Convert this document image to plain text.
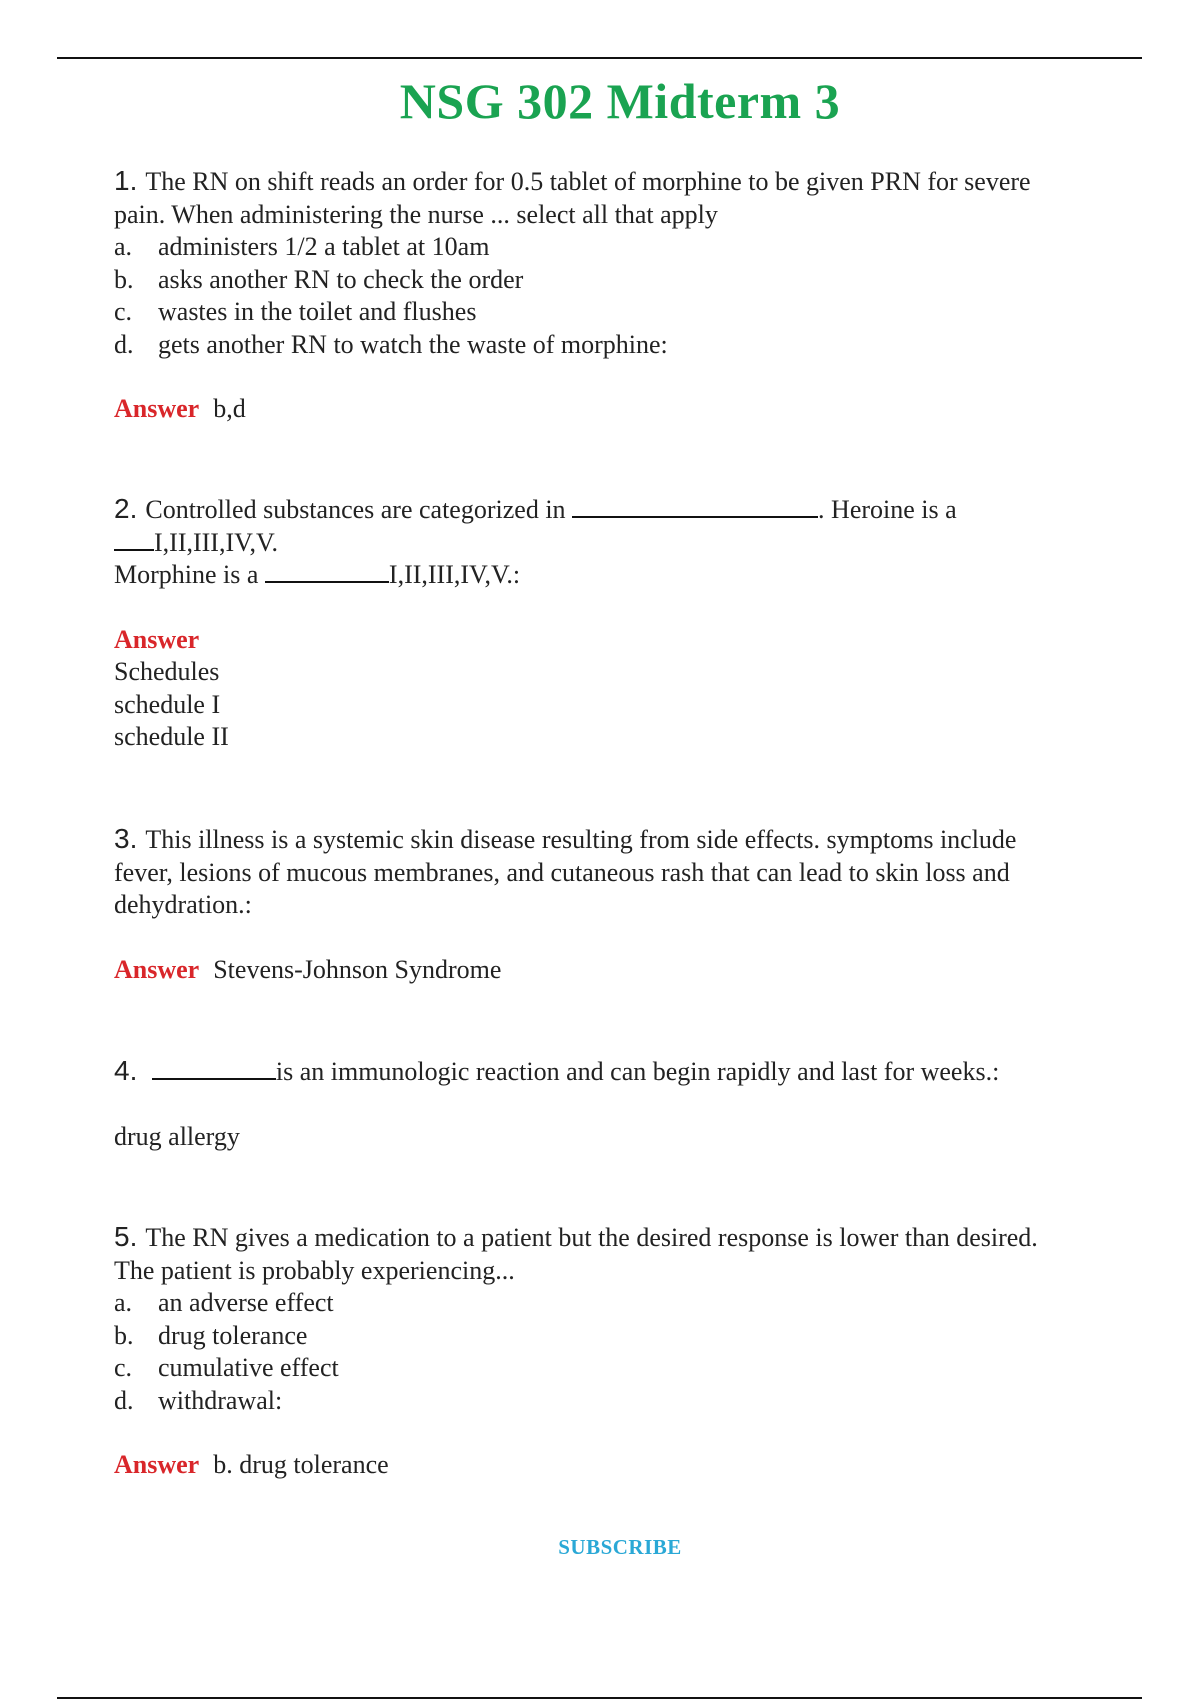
NSG 302 Midterm 3
1. The RN on shift reads an order for 0.5 tablet of morphine to be given PRN for severe
pain. When administering the nurse ... select all that apply
a. administers 1/2 a tablet at 10am
b. asks another RN to check the order
c. wastes in the toilet and flushes
d. gets another RN to watch the waste of morphine:
Answer b,d
2. Controlled substances are categorized in	. Heroine is a
I,II,III,IV,V.
Morphine is a	I,II,III,IV,V.:
Answer
Schedules
schedule I
schedule II
3. This illness is a systemic skin disease resulting from side effects. symptoms include
fever, lesions of mucous membranes, and cutaneous rash that can lead to skin loss and
dehydration.:
Answer Stevens-Johnson Syndrome
4.	is an immunologic reaction and can begin rapidly and last for weeks.:
drug allergy
5. The RN gives a medication to a patient but the desired response is lower than desired.
The patient is probably experiencing...
a. an adverse effect
b. drug tolerance
c. cumulative effect
d. withdrawal:
Answer b. drug tolerance
SUBSCRIBE
